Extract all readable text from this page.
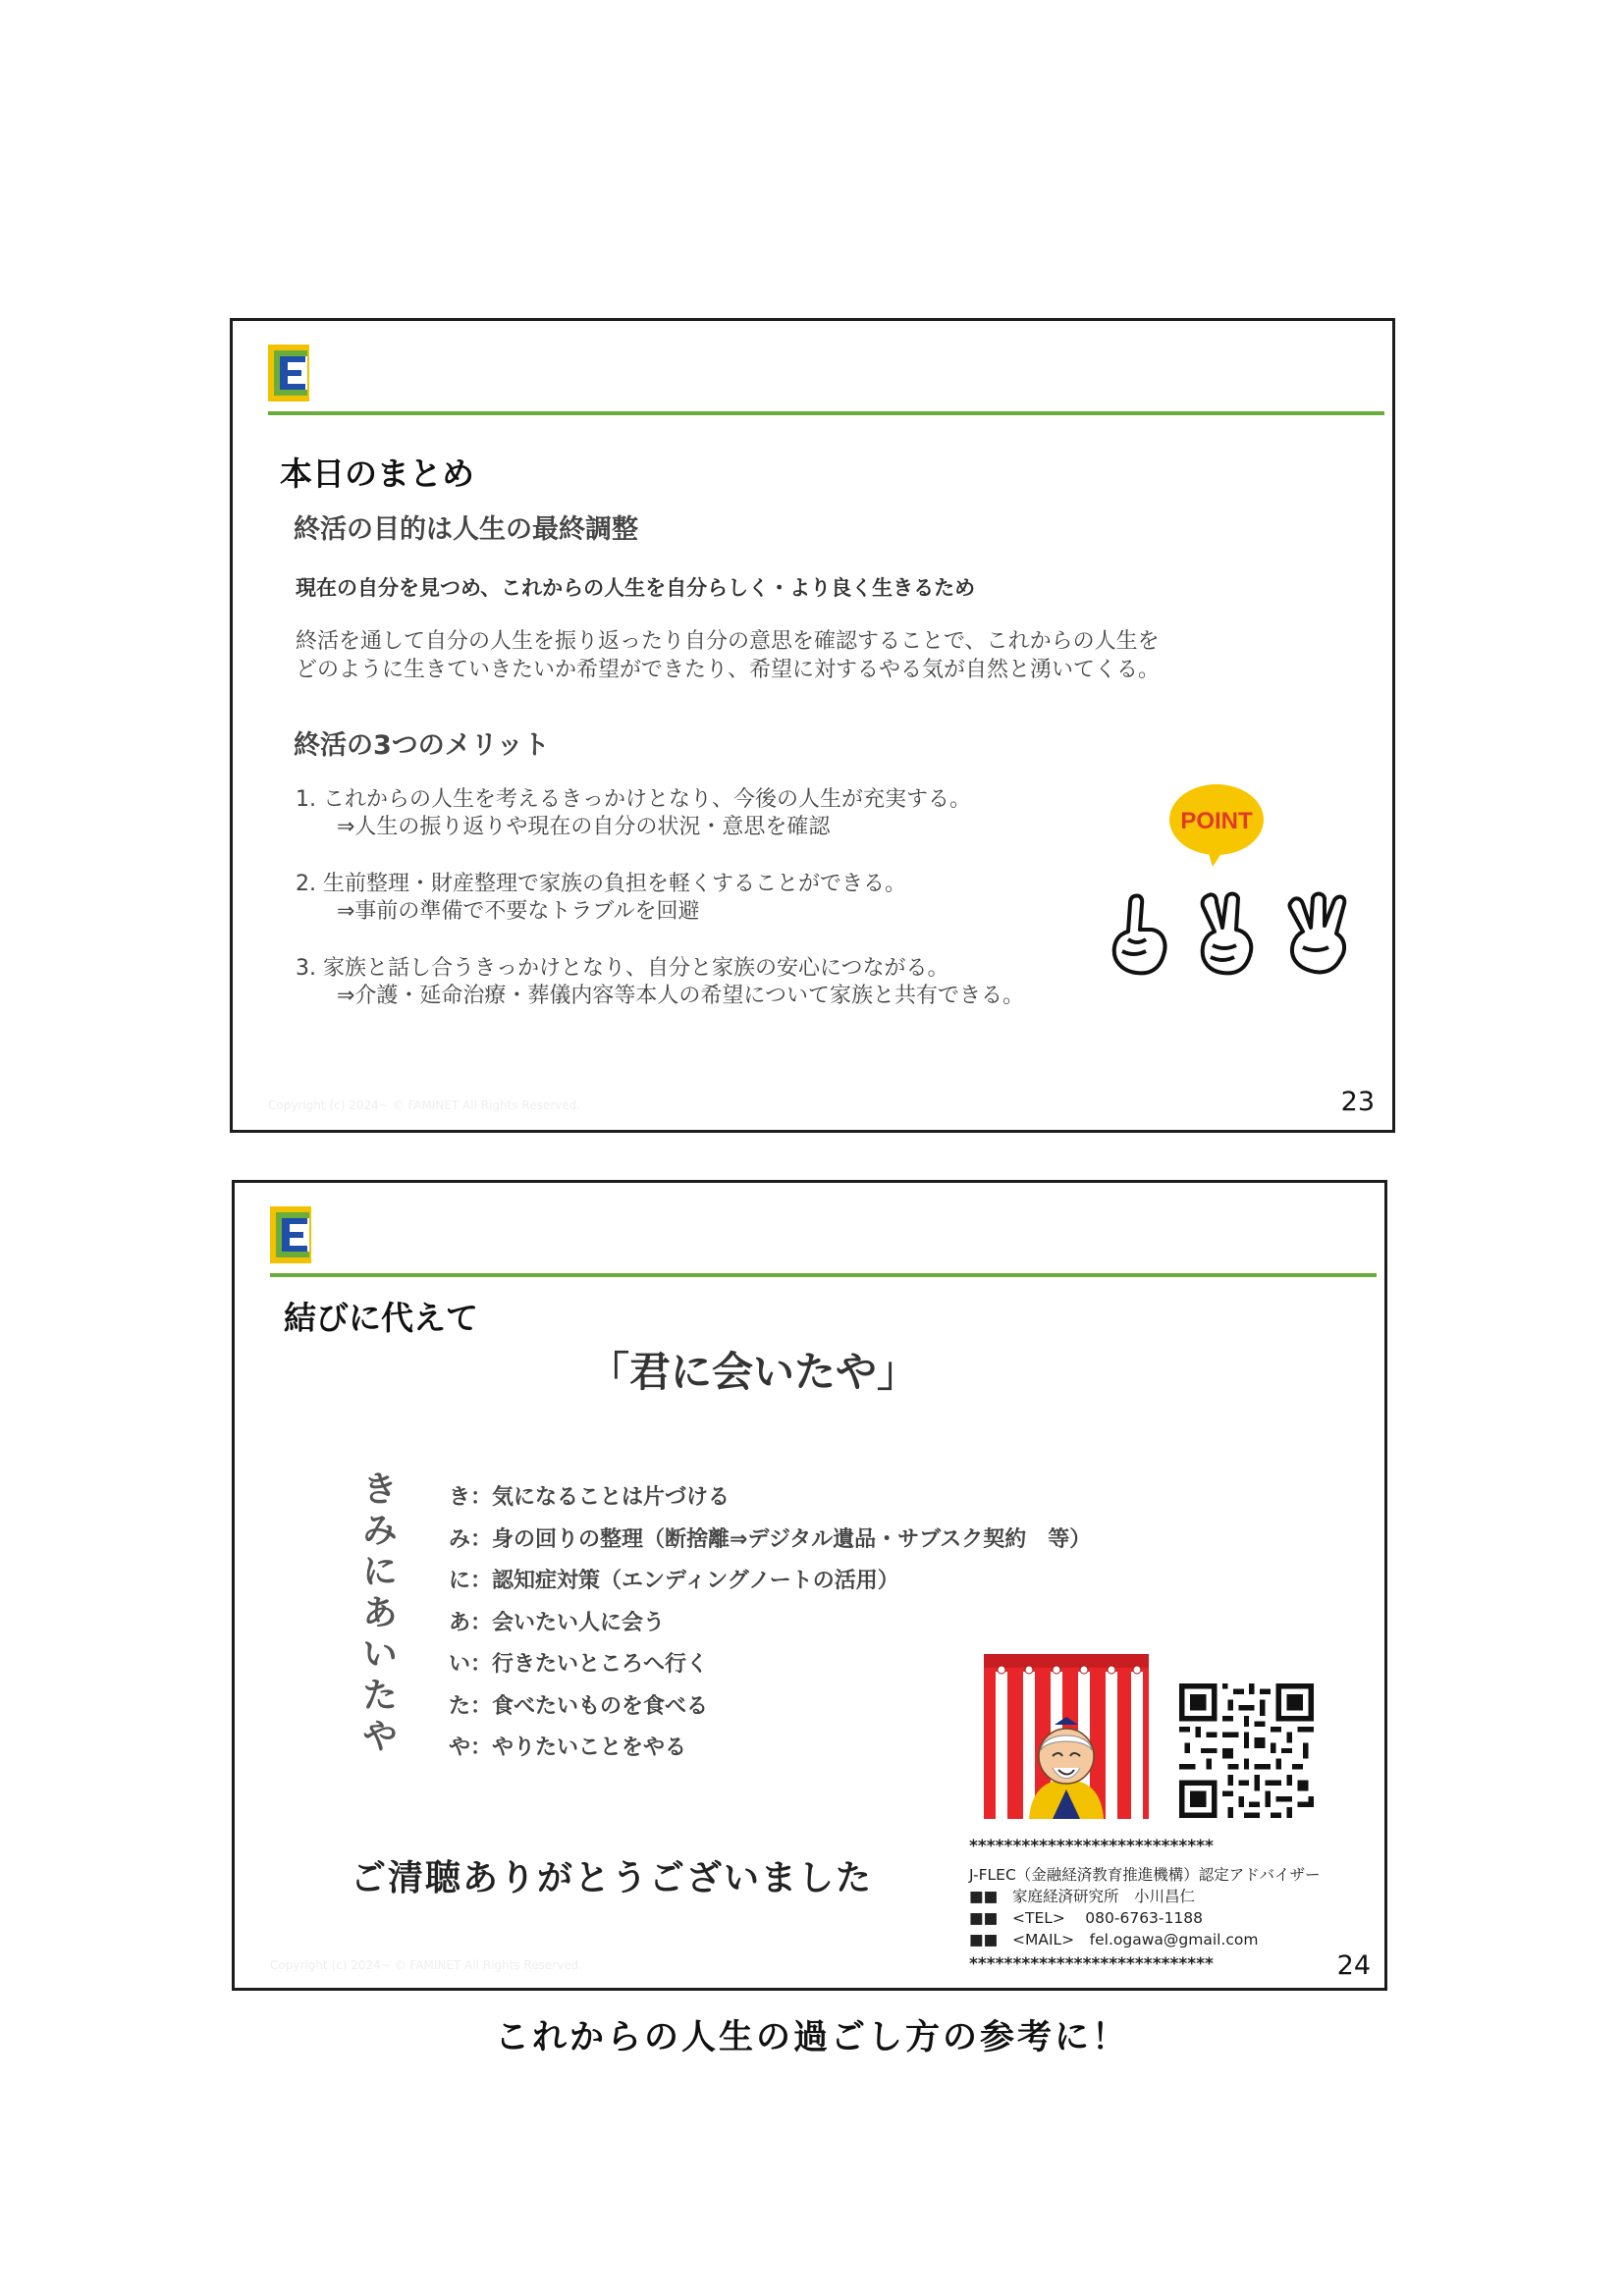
本日のまとめ
終活の目的は人生の最終調整
現在の自分を見つめ、これからの人生を自分らしく・より良く生きるため
終活を通して自分の人生を振り返ったり自分の意思を確認することで、これからの人生を
どのように生きていきたいか希望ができたり、希望に対するやる気が自然と湧いてくる。
終活の3つのメリット
1. これからの人生を考えるきっかけとなり、今後の人生が充実する。
⇒人生の振り返りや現在の自分の状況・意思を確認
2. 生前整理・財産整理で家族の負担を軽くすることができる。
⇒事前の準備で不要なトラブルを回避
3. 家族と話し合うきっかけとなり、自分と家族の安心につながる。
⇒介護・延命治療・葬儀内容等本人の希望について家族と共有できる。
POINT
Copyright (c) 2024~ © FAMINET All Rights Reserved.	23
結びに代えて
「君に会いたや」
き
み
に
あ
い
た
や
き：気になることは片づける
み：身の回りの整理（断捨離⇒デジタル遺品・サブスク契約　等）
に：認知症対策（エンディングノートの活用）
あ：会いたい人に会う
い：行きたいところへ行く
た：食べたいものを食べる
や：やりたいことをやる
ご清聴ありがとうございました
****************************
J-FLEC（金融経済教育推進機構）認定アドバイザー
■■ 家庭経済研究所　小川昌仁
■■ <TEL>　 080-6763-1188
■■ <MAIL>　fel.ogawa@gmail.com
****************************
Copyright (c) 2024~ © FAMINET All Rights Reserved.	24
これからの人生の過ごし方の参考に！
